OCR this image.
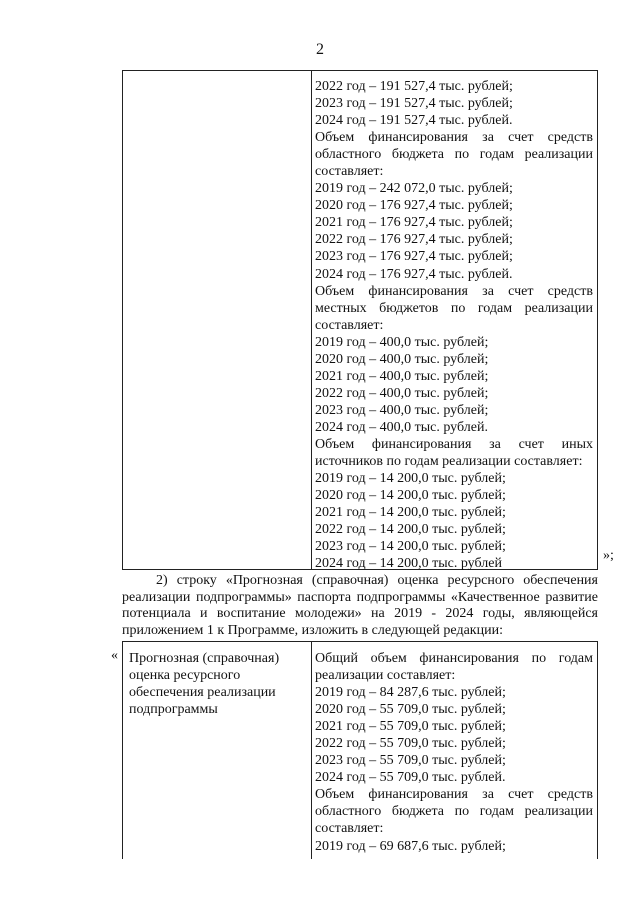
2
2022 год – 191 527,4 тыс. рублей;
2023 год – 191 527,4 тыс. рублей;
2024 год – 191 527,4 тыс. рублей.
Объем финансирования за счет средств
областного бюджета по годам реализации
составляет:
2019 год – 242 072,0 тыс. рублей;
2020 год – 176 927,4 тыс. рублей;
2021 год – 176 927,4 тыс. рублей;
2022 год – 176 927,4 тыс. рублей;
2023 год – 176 927,4 тыс. рублей;
2024 год – 176 927,4 тыс. рублей.
Объем финансирования за счет средств
местных бюджетов по годам реализации
составляет:
2019 год – 400,0 тыс. рублей;
2020 год – 400,0 тыс. рублей;
2021 год – 400,0 тыс. рублей;
2022 год – 400,0 тыс. рублей;
2023 год – 400,0 тыс. рублей;
2024 год – 400,0 тыс. рублей.
Объем финансирования за счет иных
источников по годам реализации составляет:
2019 год – 14 200,0 тыс. рублей;
2020 год – 14 200,0 тыс. рублей;
2021 год – 14 200,0 тыс. рублей;
2022 год – 14 200,0 тыс. рублей;
2023 год – 14 200,0 тыс. рублей;
2024 год – 14 200,0 тыс. рублей
»;
2) строку «Прогнозная (справочная) оценка ресурсного обеспечения
реализации подпрограммы» паспорта подпрограммы «Качественное развитие
потенциала и воспитание молодежи» на 2019 - 2024 годы, являющейся
приложением 1 к Программе, изложить в следующей редакции:
« Прогнозная (справочная)
оценка ресурсного
обеспечения реализации
подпрограммы
Общий объем финансирования по годам
реализации составляет:
2019 год – 84 287,6 тыс. рублей;
2020 год – 55 709,0 тыс. рублей;
2021 год – 55 709,0 тыс. рублей;
2022 год – 55 709,0 тыс. рублей;
2023 год – 55 709,0 тыс. рублей;
2024 год – 55 709,0 тыс. рублей.
Объем финансирования за счет средств
областного бюджета по годам реализации
составляет:
2019 год – 69 687,6 тыс. рублей;
